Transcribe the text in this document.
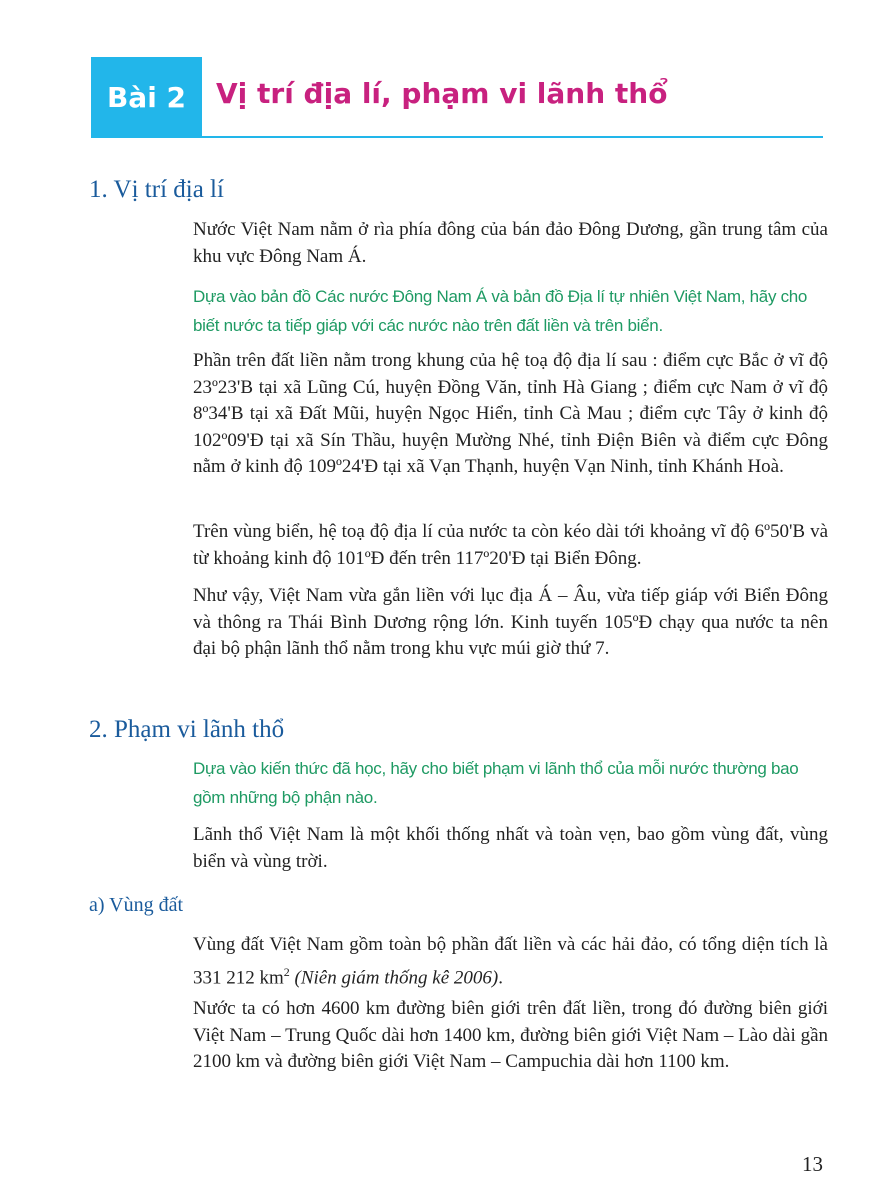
Bài 2	Vị trí địa lí, phạm vi lãnh thổ
1. Vị trí địa lí

Nước Việt Nam nằm ở rìa phía đông của bán đảo Đông Dương, gần trung tâm của khu vực Đông Nam Á.

Dựa vào bản đồ Các nước Đông Nam Á và bản đồ Địa lí tự nhiên Việt Nam, hãy cho biết nước ta tiếp giáp với các nước nào trên đất liền và trên biển.

Phần trên đất liền nằm trong khung của hệ toạ độ địa lí sau : điểm cực Bắc ở vĩ độ 23º23'B tại xã Lũng Cú, huyện Đồng Văn, tỉnh Hà Giang ; điểm cực Nam ở vĩ độ 8º34'B tại xã Đất Mũi, huyện Ngọc Hiển, tỉnh Cà Mau ; điểm cực Tây ở kinh độ 102º09'Đ tại xã Sín Thầu, huyện Mường Nhé, tỉnh Điện Biên và điểm cực Đông nằm ở kinh độ 109º24'Đ tại xã Vạn Thạnh, huyện Vạn Ninh, tỉnh Khánh Hoà.

Trên vùng biển, hệ toạ độ địa lí của nước ta còn kéo dài tới khoảng vĩ độ 6º50'B và từ khoảng kinh độ 101ºĐ đến trên 117º20'Đ tại Biển Đông.

Như vậy, Việt Nam vừa gắn liền với lục địa Á – Âu, vừa tiếp giáp với Biển Đông và thông ra Thái Bình Dương rộng lớn. Kinh tuyến 105ºĐ chạy qua nước ta nên đại bộ phận lãnh thổ nằm trong khu vực múi giờ thứ 7.

2. Phạm vi lãnh thổ

Dựa vào kiến thức đã học, hãy cho biết phạm vi lãnh thổ của mỗi nước thường bao gồm những bộ phận nào.

Lãnh thổ Việt Nam là một khối thống nhất và toàn vẹn, bao gồm vùng đất, vùng biển và vùng trời.

a) Vùng đất

Vùng đất Việt Nam gồm toàn bộ phần đất liền và các hải đảo, có tổng diện tích là 331 212 $km^2$ (Niên giám thống kê 2006).

Nước ta có hơn 4600 km đường biên giới trên đất liền, trong đó đường biên giới Việt Nam – Trung Quốc dài hơn 1400 km, đường biên giới Việt Nam – Lào dài gần 2100 km và đường biên giới Việt Nam – Campuchia dài hơn 1100 km.

13
